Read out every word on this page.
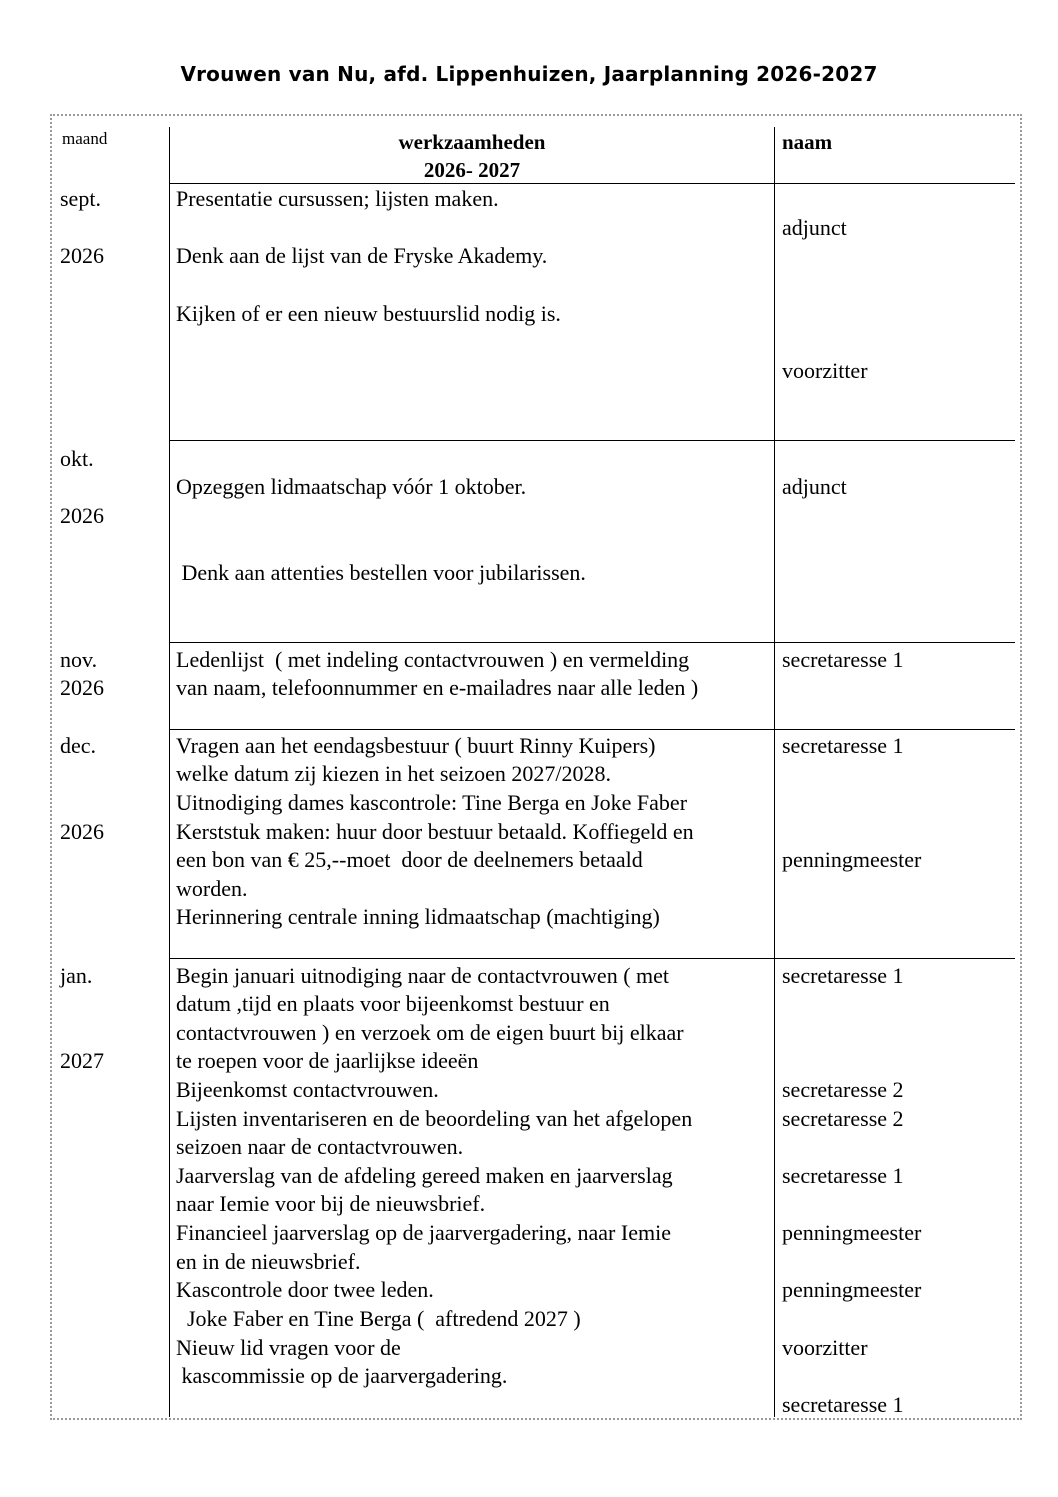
Vrouwen van Nu, afd. Lippenhuizen, Jaarplanning 2026-2027
maand	werkzaamheden
2026- 2027
naam
sept.
2026
Presentatie cursussen; lijsten maken.
Denk aan de lijst van de Fryske Akademy.
Kijken of er een nieuw bestuurslid nodig is.
adjunct
voorzitter
okt.
2026
Opzeggen lidmaatschap vóór 1 oktober.
Denk aan attenties bestellen voor jubilarissen.
adjunct
nov.
2026
Ledenlijst  ( met indeling contactvrouwen ) en vermelding
van naam, telefoonnummer en e-mailadres naar alle leden )
secretaresse 1
dec.
2026
Vragen aan het eendagsbestuur ( buurt Rinny Kuipers)
welke datum zij kiezen in het seizoen 2027/2028.
Uitnodiging dames kascontrole: Tine Berga en Joke Faber
Kerststuk maken: huur door bestuur betaald. Koffiegeld en
een bon van € 25,--moet  door de deelnemers betaald
worden.
Herinnering centrale inning lidmaatschap (machtiging)
secretaresse 1
penningmeester
jan.
2027
Begin januari uitnodiging naar de contactvrouwen ( met
datum ,tijd en plaats voor bijeenkomst bestuur en
contactvrouwen ) en verzoek om de eigen buurt bij elkaar
te roepen voor de jaarlijkse ideeën
Bijeenkomst contactvrouwen.
Lijsten inventariseren en de beoordeling van het afgelopen
seizoen naar de contactvrouwen.
Jaarverslag van de afdeling gereed maken en jaarverslag
naar Iemie voor bij de nieuwsbrief.
Financieel jaarverslag op de jaarvergadering, naar Iemie
en in de nieuwsbrief.
Kascontrole door twee leden.
Joke Faber en Tine Berga (  aftredend 2027 )
Nieuw lid vragen voor de
kascommissie op de jaarvergadering.
secretaresse 1
secretaresse 2
secretaresse 2
secretaresse 1
penningmeester
penningmeester
voorzitter
secretaresse 1
